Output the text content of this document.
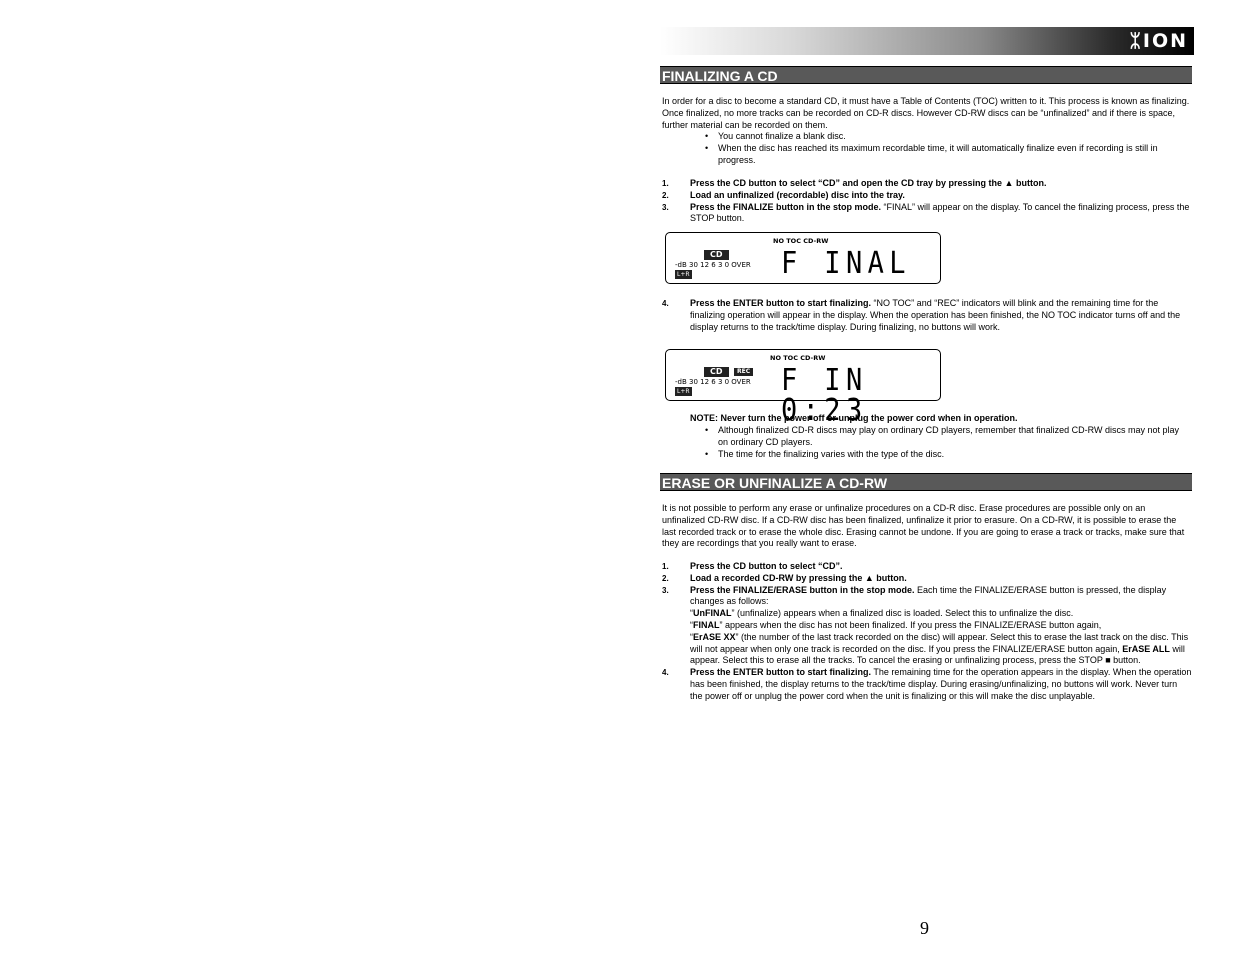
ᛯION
FINALIZING A CD
In order for a disc to become a standard CD, it must have a Table of Contents (TOC) written to it. This process is known as finalizing. Once finalized, no more tracks can be recorded on CD-R discs. However CD-RW discs can be “unfinalized” and if there is space, further material can be recorded on them.
• You cannot finalize a blank disc.
• When the disc has reached its maximum recordable time, it will automatically finalize even if recording is still in progress.
1. Press the CD button to select “CD” and open the CD tray by pressing the ▲ button.
2. Load an unfinalized (recordable) disc into the tray.
3. Press the FINALIZE button in the stop mode. “FINAL” will appear on the display. To cancel the finalizing process, press the STOP button.
NO TOC CD-RW
CD
-dB 30 12 6 3 0 OVER
L+R	F INAL
4. Press the ENTER button to start finalizing. “NO TOC” and “REC” indicators will blink and the remaining time for the finalizing operation will appear in the display. When the operation has been finished, the NO TOC indicator turns off and the display returns to the track/time display. During finalizing, no buttons will work.
NO TOC CD-RW
CD	REC
-dB 30 12 6 3 0 OVER
L+R	F IN 0:23
NOTE: Never turn the power off or unplug the power cord when in operation.
• Although finalized CD-R discs may play on ordinary CD players, remember that finalized CD-RW discs may not play on ordinary CD players.
• The time for the finalizing varies with the type of the disc.
ERASE OR UNFINALIZE A CD-RW
It is not possible to perform any erase or unfinalize procedures on a CD-R disc. Erase procedures are possible only on an unfinalized CD-RW disc. If a CD-RW disc has been finalized, unfinalize it prior to erasure. On a CD-RW, it is possible to erase the last recorded track or to erase the whole disc. Erasing cannot be undone. If you are going to erase a track or tracks, make sure that they are recordings that you really want to erase.
1. Press the CD button to select “CD”.
2. Load a recorded CD-RW by pressing the ▲ button.
3. Press the FINALIZE/ERASE button in the stop mode. Each time the FINALIZE/ERASE button is pressed, the display changes as follows:
“UnFINAL” (unfinalize) appears when a finalized disc is loaded. Select this to unfinalize the disc.
“FINAL” appears when the disc has not been finalized. If you press the FINALIZE/ERASE button again,
“ErASE XX” (the number of the last track recorded on the disc) will appear. Select this to erase the last track on the disc. This will not appear when only one track is recorded on the disc. If you press the FINALIZE/ERASE button again, ErASE ALL will appear. Select this to erase all the tracks. To cancel the erasing or unfinalizing process, press the STOP ■ button.
4. Press the ENTER button to start finalizing. The remaining time for the operation appears in the display. When the operation has been finished, the display returns to the track/time display. During erasing/unfinalizing, no buttons will work. Never turn the power off or unplug the power cord when the unit is finalizing or this will make the disc unplayable.
9
